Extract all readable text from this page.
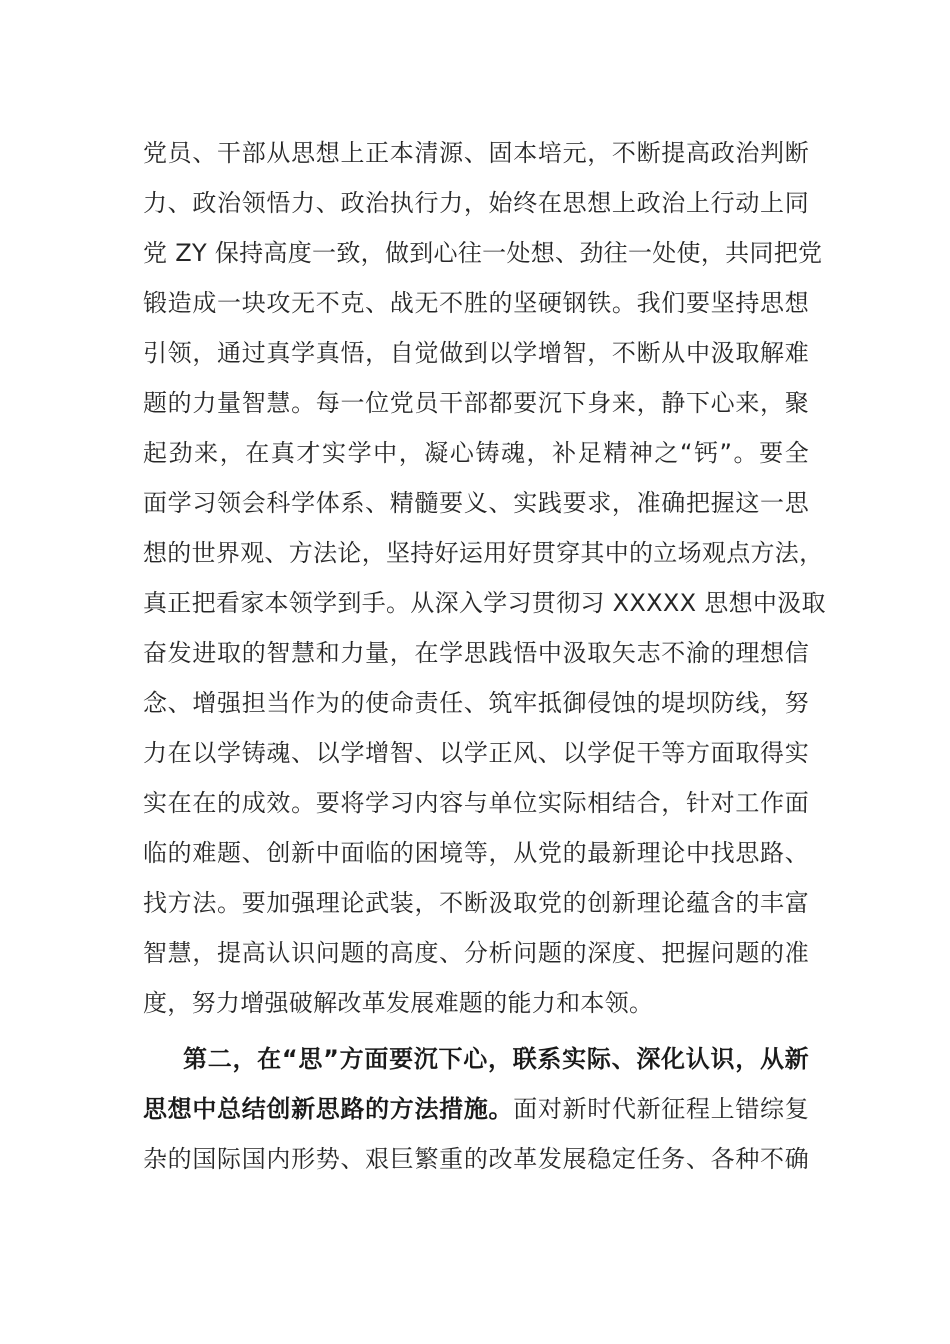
党员、干部从思想上正本清源、固本培元，不断提高政治判断
力、政治领悟力、政治执行力，始终在思想上政治上行动上同
党 ZY 保持高度一致，做到心往一处想、劲往一处使，共同把党
锻造成一块攻无不克、战无不胜的坚硬钢铁。我们要坚持思想
引领，通过真学真悟，自觉做到以学增智，不断从中汲取解难
题的力量智慧。每一位党员干部都要沉下身来，静下心来，聚
起劲来，在真才实学中，凝心铸魂，补足精神之“钙”。要全
面学习领会科学体系、精髓要义、实践要求，准确把握这一思
想的世界观、方法论，坚持好运用好贯穿其中的立场观点方法，
真正把看家本领学到手。从深入学习贯彻习 XXXXX 思想中汲取
奋发进取的智慧和力量，在学思践悟中汲取矢志不渝的理想信
念、增强担当作为的使命责任、筑牢抵御侵蚀的堤坝防线，努
力在以学铸魂、以学增智、以学正风、以学促干等方面取得实
实在在的成效。要将学习内容与单位实际相结合，针对工作面
临的难题、创新中面临的困境等，从党的最新理论中找思路、
找方法。要加强理论武装，不断汲取党的创新理论蕴含的丰富
智慧，提高认识问题的高度、分析问题的深度、把握问题的准
度，努力增强破解改革发展难题的能力和本领。
第二，在“思”方面要沉下心，联系实际、深化认识，从新
思想中总结创新思路的方法措施。面对新时代新征程上错综复
杂的国际国内形势、艰巨繁重的改革发展稳定任务、各种不确
